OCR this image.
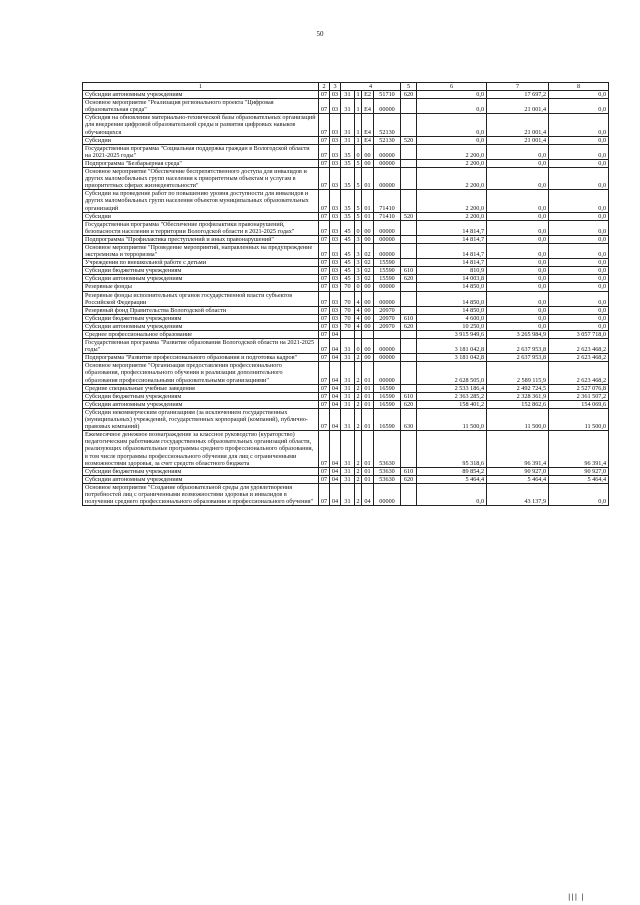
50
1	2	3	4				5	6	7	8
Субсидии автономным учреждениям	07	03	31	1	E2	51710	620	0,0	17 697,2	0,0
Основное мероприятие "Реализация регионального проекта "Цифровая образовательная среда"	07	03	31	1	E4	00000		0,0	21 001,4	0,0
Субсидия на обновление материально-технической базы образовательных организаций для внедрения цифровой образовательной среды и развития цифровых навыков обучающихся	07	03	31	1	E4	52130		0,0	21 001,4	0,0
Субсидии	07	03	31	1	E4	52130	520	0,0	21 001,4	0,0
Государственная программа "Социальная поддержка граждан в Вологодской области на 2021-2025 годы"	07	03	35	0	00	00000		2 200,0	0,0	0,0
Подпрограмма "Безбарьерная среда"	07	03	35	5	00	00000		2 200,0	0,0	0,0
Основное мероприятие "Обеспечение беспрепятственного доступа для инвалидов и других маломобильных групп населения к приоритетным объектам и услугам в приоритетных сферах жизнедеятельности"	07	03	35	5	01	00000		2 200,0	0,0	0,0
Субсидии на проведение работ по повышению уровня доступности для инвалидов и других маломобильных групп населения объектов муниципальных образовательных организаций	07	03	35	5	01	71410		2 200,0	0,0	0,0
Субсидии	07	03	35	5	01	71410	520	2 200,0	0,0	0,0
Государственная программа "Обеспечение профилактики правонарушений, безопасности населения и территории Вологодской области в 2021-2025 годах"	07	03	45	0	00	00000		14 814,7	0,0	0,0
Подпрограмма "Профилактика преступлений и иных правонарушений"	07	03	45	3	00	00000		14 814,7	0,0	0,0
Основное мероприятие "Проведение мероприятий, направленных на предупреждение экстремизма и терроризма"	07	03	45	3	02	00000		14 814,7	0,0	0,0
Учреждения по внешкольной работе с детьми	07	03	45	3	02	15590		14 814,7	0,0	0,0
Субсидии бюджетным учреждениям	07	03	45	3	02	15590	610	810,9	0,0	0,0
Субсидии автономным учреждениям	07	03	45	3	02	15590	620	14 003,8	0,0	0,0
Резервные фонды	07	03	70	0	00	00000		14 850,0	0,0	0,0
Резервные фонды исполнительных органов государственной власти субъектов Российской Федерации	07	03	70	4	00	00000		14 850,0	0,0	0,0
Резервный фонд Правительства Вологодской области	07	03	70	4	00	20970		14 850,0	0,0	0,0
Субсидии бюджетным учреждениям	07	03	70	4	00	20970	610	4 600,0	0,0	0,0
Субсидии автономным учреждениям	07	03	70	4	00	20970	620	10 250,0	0,0	0,0
Среднее профессиональное образование	07	04						3 915 949,6	3 265 984,9	3 057 718,0
Государственная программа "Развитие образования Вологодской области на 2021-2025 годы"	07	04	31	0	00	00000		3 181 042,8	2 637 953,8	2 623 468,2
Подпрограмма "Развитие профессионального образования и подготовка кадров"	07	04	31	2	00	00000		3 181 042,8	2 637 953,8	2 623 468,2
Основное мероприятие "Организация предоставления профессионального образования, профессионального обучения и реализации дополнительного образования профессиональными образовательными организациями"	07	04	31	2	01	00000		2 628 505,0	2 589 115,9	2 623 468,2
Средние специальные учебные заведения	07	04	31	2	01	16590		2 533 186,4	2 492 724,5	2 527 076,8
Субсидии бюджетным учреждениям	07	04	31	2	01	16590	610	2 363 285,2	2 328 361,9	2 361 507,2
Субсидии автономным учреждениям	07	04	31	2	01	16590	620	158 401,2	152 862,6	154 069,6
Субсидии некоммерческим организациям (за исключением государственных (муниципальных) учреждений, государственных корпораций (компаний), публично-правовых компаний)	07	04	31	2	01	16590	630	11 500,0	11 500,0	11 500,0
Ежемесячное денежное вознаграждение за классное руководство (кураторство) педагогическим работникам государственных образовательных организаций области, реализующих образовательные программы среднего профессионального образования, в том числе программы профессионального обучения для лиц с ограниченными возможностями здоровья, за счет средств областного бюджета	07	04	31	2	01	53630		95 318,6	96 391,4	96 391,4
Субсидии бюджетным учреждениям	07	04	31	2	01	53630	610	89 854,2	90 927,0	90 927,0
Субсидии автономным учреждениям	07	04	31	2	01	53630	620	5 464,4	5 464,4	5 464,4
Основное мероприятие "Создание образовательной среды для удовлетворения потребностей лиц с ограниченными возможностями здоровья и инвалидов в получении среднего профессионального образования и профессионального обучения"	07	04	31	2	04	00000		0,0	43 137,9	0,0
||| |
